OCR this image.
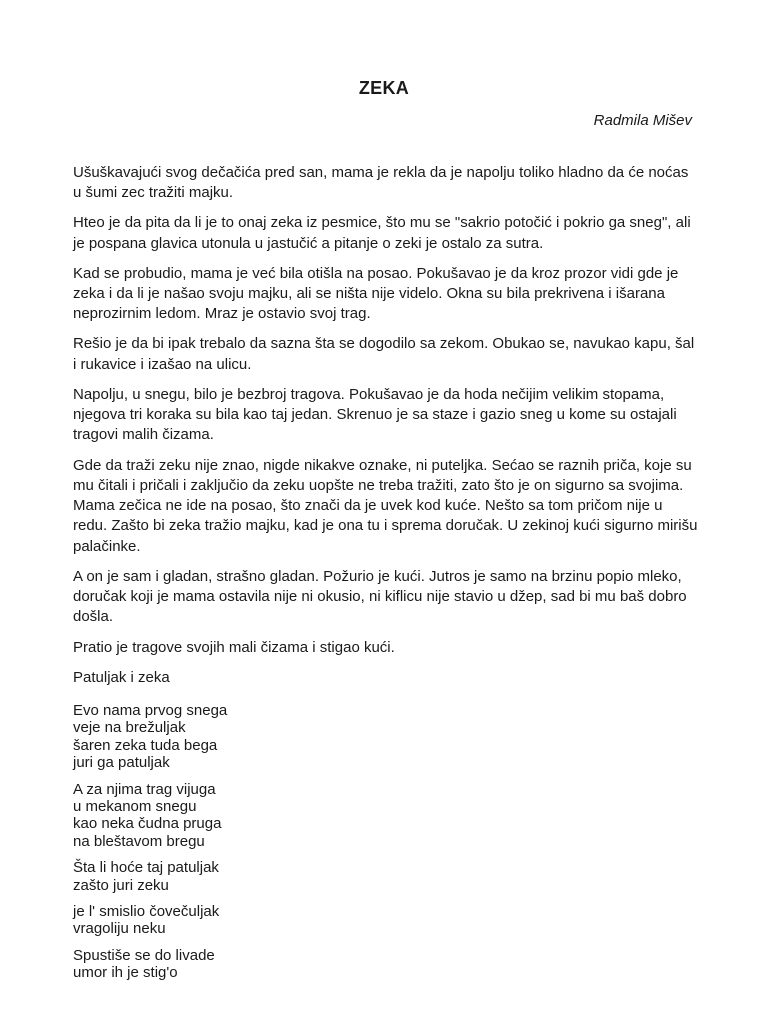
ZEKA
Radmila Mišev

Ušuškavajući svog dečačića pred san, mama je rekla da je napolju toliko hladno da će noćas u šumi zec tražiti majku.

Hteo je da pita da li je to onaj zeka iz pesmice, što mu se "sakrio potočić i pokrio ga sneg", ali je pospana glavica utonula u jastučić a pitanje o zeki je ostalo za sutra.

Kad se probudio, mama je već bila otišla na posao. Pokušavao je da kroz prozor vidi gde je zeka i da li je našao svoju majku, ali se ništa nije videlo. Okna su bila prekrivena i išarana neprozirnim ledom. Mraz je ostavio svoj trag.

Rešio je da bi ipak trebalo da sazna šta se dogodilo sa zekom. Obukao se, navukao kapu, šal i rukavice i izašao na ulicu.

Napolju, u snegu, bilo je bezbroj tragova. Pokušavao je da hoda nečijim velikim stopama, njegova tri koraka su bila kao taj jedan. Skrenuo je sa staze i gazio sneg u kome su ostajali tragovi malih čizama.

Gde da traži zeku nije znao, nigde nikakve oznake, ni puteljka. Sećao se raznih priča, koje su mu čitali i pričali i zaključio da zeku uopšte ne treba tražiti, zato što je on sigurno sa svojima. Mama zečica ne ide na posao, što znači da je uvek kod kuće. Nešto sa tom pričom nije u redu. Zašto bi zeka tražio majku, kad je ona tu i sprema doručak. U zekinoj kući sigurno mirišu palačinke.

A on je sam i gladan, strašno gladan. Požurio je kući. Jutros je samo na brzinu popio mleko, doručak koji je mama ostavila nije ni okusio, ni kiflicu nije stavio u džep, sad bi mu baš dobro došla.

Pratio je tragove svojih mali čizama i stigao kući.

Patuljak i zeka

Evo nama prvog snega
veje na brežuljak
šaren zeka tuda bega
juri ga patuljak
A za njima trag vijuga
u mekanom snegu
kao neka čudna pruga
na bleštavom bregu
Šta li hoće taj patuljak
zašto juri zeku
je l' smislio čovečuljak
vragoliju neku
Spustiše se do livade
umor ih je stig'o
